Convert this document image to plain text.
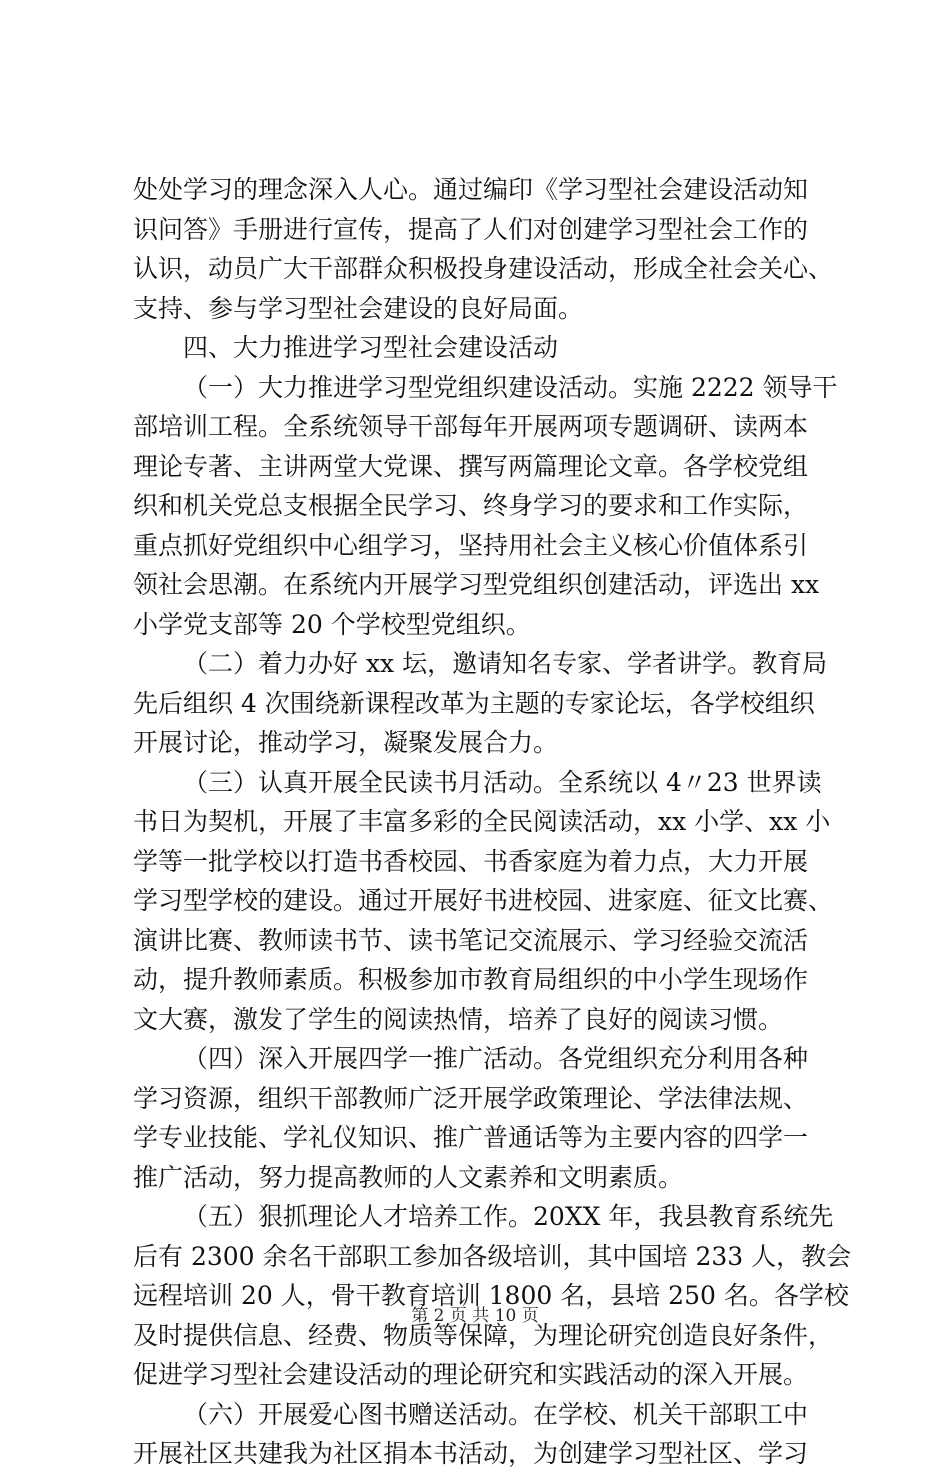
处处学习的理念深入人心。通过编印《学习型社会建设活动知
识问答》手册进行宣传，提高了人们对创建学习型社会工作的
认识，动员广大干部群众积极投身建设活动，形成全社会关心、
支持、参与学习型社会建设的良好局面。
四、大力推进学习型社会建设活动
（一）大力推进学习型党组织建设活动。实施 2222 领导干
部培训工程。全系统领导干部每年开展两项专题调研、读两本
理论专著、主讲两堂大党课、撰写两篇理论文章。各学校党组
织和机关党总支根据全民学习、终身学习的要求和工作实际，
重点抓好党组织中心组学习，坚持用社会主义核心价值体系引
领社会思潮。在系统内开展学习型党组织创建活动，评选出 xx
小学党支部等 20 个学校型党组织。
（二）着力办好 xx 坛，邀请知名专家、学者讲学。教育局
先后组织 4 次围绕新课程改革为主题的专家论坛，各学校组织
开展讨论，推动学习，凝聚发展合力。
（三）认真开展全民读书月活动。全系统以 4〃23 世界读
书日为契机，开展了丰富多彩的全民阅读活动，xx 小学、xx 小
学等一批学校以打造书香校园、书香家庭为着力点，大力开展
学习型学校的建设。通过开展好书进校园、进家庭、征文比赛、
演讲比赛、教师读书节、读书笔记交流展示、学习经验交流活
动，提升教师素质。积极参加市教育局组织的中小学生现场作
文大赛，激发了学生的阅读热情，培养了良好的阅读习惯。
（四）深入开展四学一推广活动。各党组织充分利用各种
学习资源，组织干部教师广泛开展学政策理论、学法律法规、
学专业技能、学礼仪知识、推广普通话等为主要内容的四学一
推广活动，努力提高教师的人文素养和文明素质。
（五）狠抓理论人才培养工作。20XX 年，我县教育系统先
后有 2300 余名干部职工参加各级培训，其中国培 233 人，教会
远程培训 20 人，骨干教育培训 1800 名，县培 250 名。各学校
及时提供信息、经费、物质等保障，为理论研究创造良好条件，
促进学习型社会建设活动的理论研究和实践活动的深入开展。
（六）开展爱心图书赠送活动。在学校、机关干部职工中
开展社区共建我为社区捐本书活动，为创建学习型社区、学习
第 2 页 共 10 页
